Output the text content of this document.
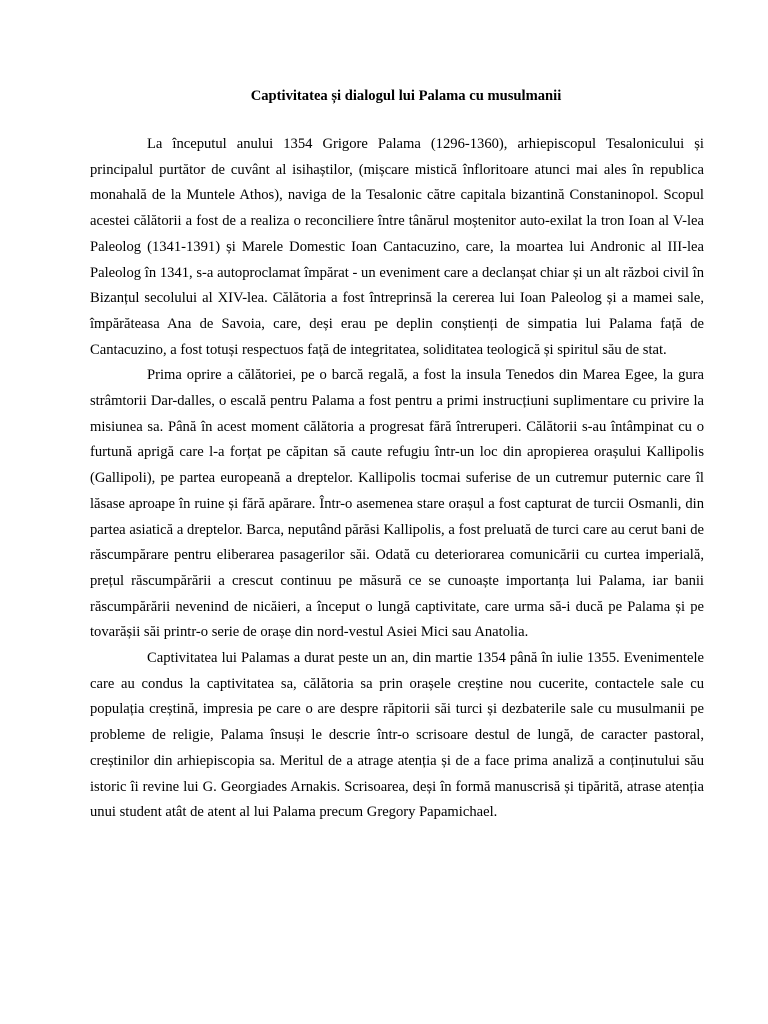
Captivitatea și dialogul lui Palama cu musulmanii

La începutul anului 1354 Grigore Palama (1296-1360), arhiepiscopul Tesalonicului și principalul purtător de cuvânt al isihaștilor, (mișcare mistică înfloritoare atunci mai ales în republica monahală de la Muntele Athos), naviga de la Tesalonic către capitala bizantină Constaninopol. Scopul acestei călătorii a fost de a realiza o reconciliere între tânărul moștenitor auto-exilat la tron Ioan al V-lea Paleolog (1341-1391) și Marele Domestic Ioan Cantacuzino, care, la moartea lui Andronic al III-lea Paleolog în 1341, s-a autoproclamat împărat - un eveniment care a declanșat chiar și un alt război civil în Bizanțul secolului al XIV-lea. Călătoria a fost întreprinsă la cererea lui Ioan Paleolog și a mamei sale, împărăteasa Ana de Savoia, care, deși erau pe deplin conștienți de simpatia lui Palama față de Cantacuzino, a fost totuși respectuos față de integritatea, soliditatea teologică și spiritul său de stat.

Prima oprire a călătoriei, pe o barcă regală, a fost la insula Tenedos din Marea Egee, la gura strâmtorii Dar-dalles, o escală pentru Palama a fost pentru a primi instrucțiuni suplimentare cu privire la misiunea sa. Până în acest moment călătoria a progresat fără întreruperi. Călătorii s-au întâmpinat cu o furtună aprigă care l-a forțat pe căpitan să caute refugiu într-un loc din apropierea orașului Kallipolis (Gallipoli), pe partea europeană a dreptelor. Kallipolis tocmai suferise de un cutremur puternic care îl lăsase aproape în ruine și fără apărare. Într-o asemenea stare orașul a fost capturat de turcii Osmanli, din partea asiatică a dreptelor. Barca, neputând părăsi Kallipolis, a fost preluată de turci care au cerut bani de răscumpărare pentru eliberarea pasagerilor săi. Odată cu deteriorarea comunicării cu curtea imperială, prețul răscumpărării a crescut continuu pe măsură ce se cunoaște importanța lui Palama, iar banii răscumpărării nevenind de nicăieri, a început o lungă captivitate, care urma să-i ducă pe Palama și pe tovarășii săi printr-o serie de orașe din nord-vestul Asiei Mici sau Anatolia.

Captivitatea lui Palamas a durat peste un an, din martie 1354 până în iulie 1355. Evenimentele care au condus la captivitatea sa, călătoria sa prin orașele creștine nou cucerite, contactele sale cu populația creștină, impresia pe care o are despre răpitorii săi turci și dezbaterile sale cu musulmanii pe probleme de religie, Palama însuși le descrie într-o scrisoare destul de lungă, de caracter pastoral, creștinilor din arhiepiscopia sa. Meritul de a atrage atenția și de a face prima analiză a conținutului său istoric îi revine lui G. Georgiades Arnakis. Scrisoarea, deși în formă manuscrisă și tipărită, atrase atenția unui student atât de atent al lui Palama precum Gregory Papamichael.
